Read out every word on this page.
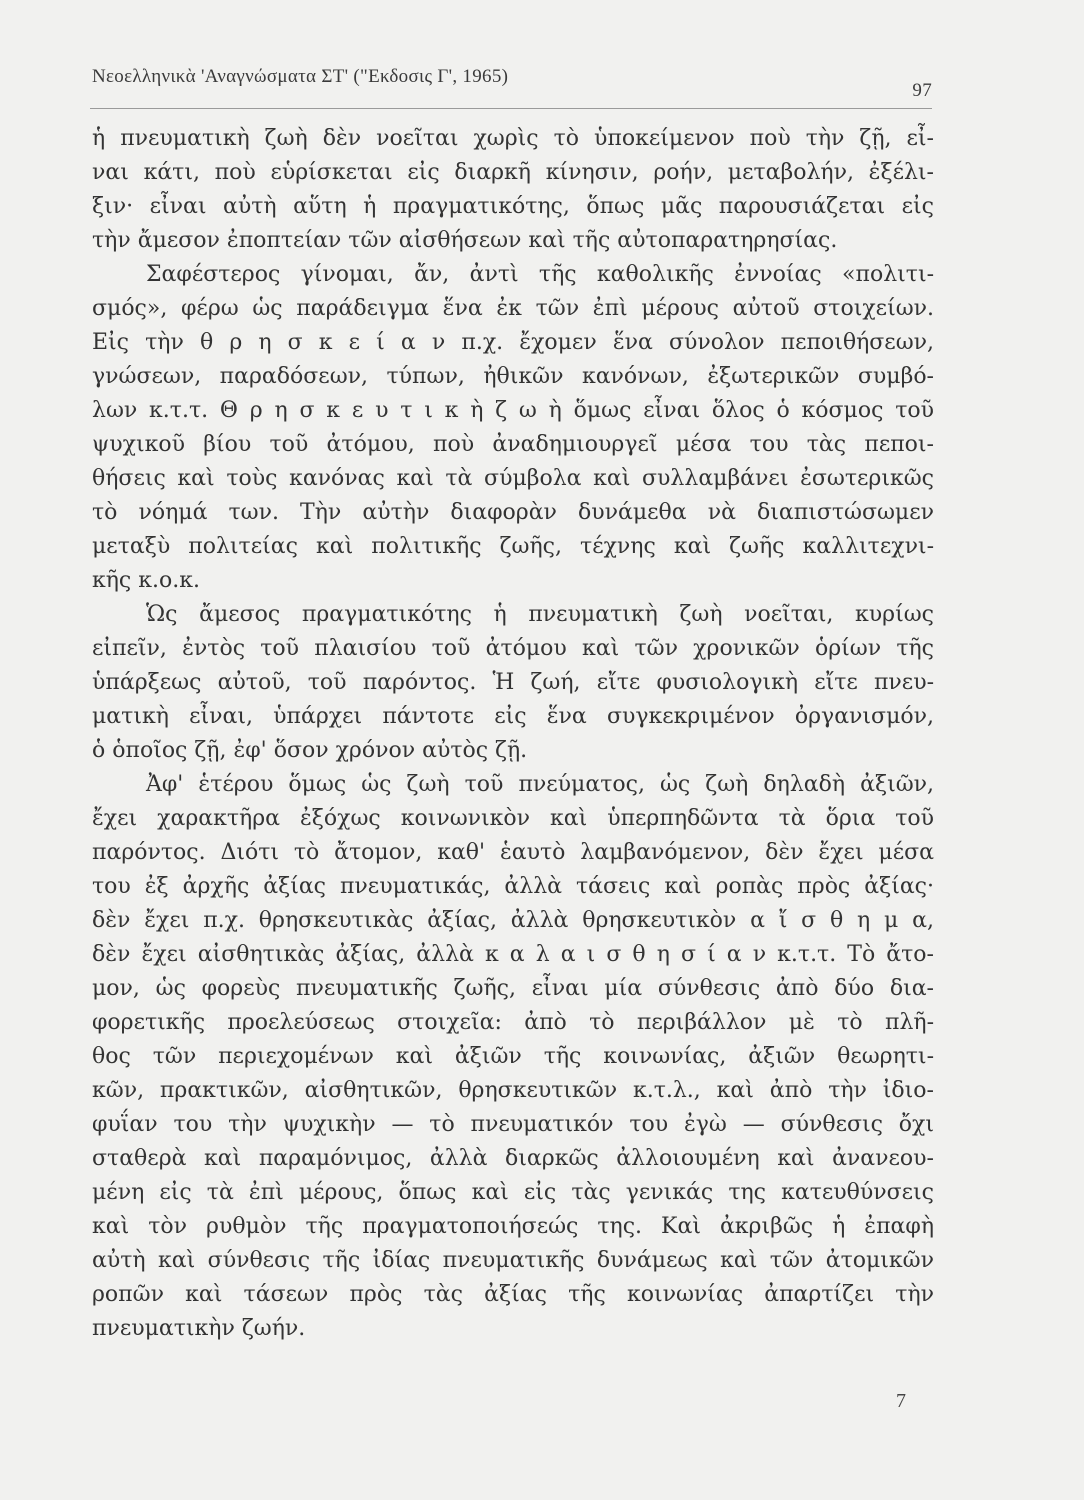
Νεοελληνικὰ 'Αναγνώσματα ΣΤ' ("Εκδοσις Γ', 1965)
97
ἡ πνευματικὴ ζωὴ δὲν νοεῖται χωρὶς τὸ ὑποκείμενον ποὺ τὴν ζῇ, εἶ-
ναι κάτι, ποὺ εὑρίσκεται εἰς διαρκῆ κίνησιν, ροήν, μεταβολήν, ἐξέλι-
ξιν· εἶναι αὐτὴ αὕτη ἡ πραγματικότης, ὅπως μᾶς παρουσιάζεται εἰς
τὴν ἄμεσον ἐποπτείαν τῶν αἰσθήσεων καὶ τῆς αὐτοπαρατηρησίας.
Σαφέστερος γίνομαι, ἄν, ἀντὶ τῆς καθολικῆς ἐννοίας «πολιτι-
σμός», φέρω ὡς παράδειγμα ἕνα ἐκ τῶν ἐπὶ μέρους αὐτοῦ στοιχείων.
Εἰς τὴν θ ρ η σ κ ε ί α ν π.χ. ἔχομεν ἕνα σύνολον πεποιθήσεων,
γνώσεων, παραδόσεων, τύπων, ἠθικῶν κανόνων, ἐξωτερικῶν συμβό-
λων κ.τ.τ. Θ ρ η σ κ ε υ τ ι κ ὴ ζ ω ὴ ὅμως εἶναι ὅλος ὁ κόσμος τοῦ
ψυχικοῦ βίου τοῦ ἀτόμου, ποὺ ἀναδημιουργεῖ μέσα του τὰς πεποι-
θήσεις καὶ τοὺς κανόνας καὶ τὰ σύμβολα καὶ συλλαμβάνει ἐσωτερικῶς
τὸ νόημά των. Τὴν αὐτὴν διαφορὰν δυνάμεθα νὰ διαπιστώσωμεν
μεταξὺ πολιτείας καὶ πολιτικῆς ζωῆς, τέχνης καὶ ζωῆς καλλιτεχνι-
κῆς κ.ο.κ.
Ὡς ἄμεσος πραγματικότης ἡ πνευματικὴ ζωὴ νοεῖται, κυρίως
εἰπεῖν, ἐντὸς τοῦ πλαισίου τοῦ ἀτόμου καὶ τῶν χρονικῶν ὁρίων τῆς
ὑπάρξεως αὐτοῦ, τοῦ παρόντος. Ἡ ζωή, εἴτε φυσιολογικὴ εἴτε πνευ-
ματικὴ εἶναι, ὑπάρχει πάντοτε εἰς ἕνα συγκεκριμένον ὀργανισμόν,
ὁ ὁποῖος ζῇ, ἐφ' ὅσον χρόνον αὐτὸς ζῇ.
Ἀφ' ἑτέρου ὅμως ὡς ζωὴ τοῦ πνεύματος, ὡς ζωὴ δηλαδὴ ἀξιῶν,
ἔχει χαρακτῆρα ἐξόχως κοινωνικὸν καὶ ὑπερπηδῶντα τὰ ὅρια τοῦ
παρόντος. Διότι τὸ ἄτομον, καθ' ἑαυτὸ λαμβανόμενον, δὲν ἔχει μέσα
του ἐξ ἀρχῆς ἀξίας πνευματικάς, ἀλλὰ τάσεις καὶ ροπὰς πρὸς ἀξίας·
δὲν ἔχει π.χ. θρησκευτικὰς ἀξίας, ἀλλὰ θρησκευτικὸν α ἴ σ θ η μ α,
δὲν ἔχει αἰσθητικὰς ἀξίας, ἀλλὰ κ α λ α ι σ θ η σ ί α ν κ.τ.τ. Τὸ ἄτο-
μον, ὡς φορεὺς πνευματικῆς ζωῆς, εἶναι μία σύνθεσις ἀπὸ δύο δια-
φορετικῆς προελεύσεως στοιχεῖα: ἀπὸ τὸ περιβάλλον μὲ τὸ πλῆ-
θος τῶν περιεχομένων καὶ ἀξιῶν τῆς κοινωνίας, ἀξιῶν θεωρητι-
κῶν, πρακτικῶν, αἰσθητικῶν, θρησκευτικῶν κ.τ.λ., καὶ ἀπὸ τὴν ἰδιο-
φυΐαν του τὴν ψυχικὴν — τὸ πνευματικόν του ἐγὼ — σύνθεσις ὄχι
σταθερὰ καὶ παραμόνιμος, ἀλλὰ διαρκῶς ἀλλοιουμένη καὶ ἀνανεου-
μένη εἰς τὰ ἐπὶ μέρους, ὅπως καὶ εἰς τὰς γενικάς της κατευθύνσεις
καὶ τὸν ρυθμὸν τῆς πραγματοποιήσεώς της. Καὶ ἀκριβῶς ἡ ἐπαφὴ
αὐτὴ καὶ σύνθεσις τῆς ἰδίας πνευματικῆς δυνάμεως καὶ τῶν ἀτομικῶν
ροπῶν καὶ τάσεων πρὸς τὰς ἀξίας τῆς κοινωνίας ἀπαρτίζει τὴν
πνευματικὴν ζωήν.
7
